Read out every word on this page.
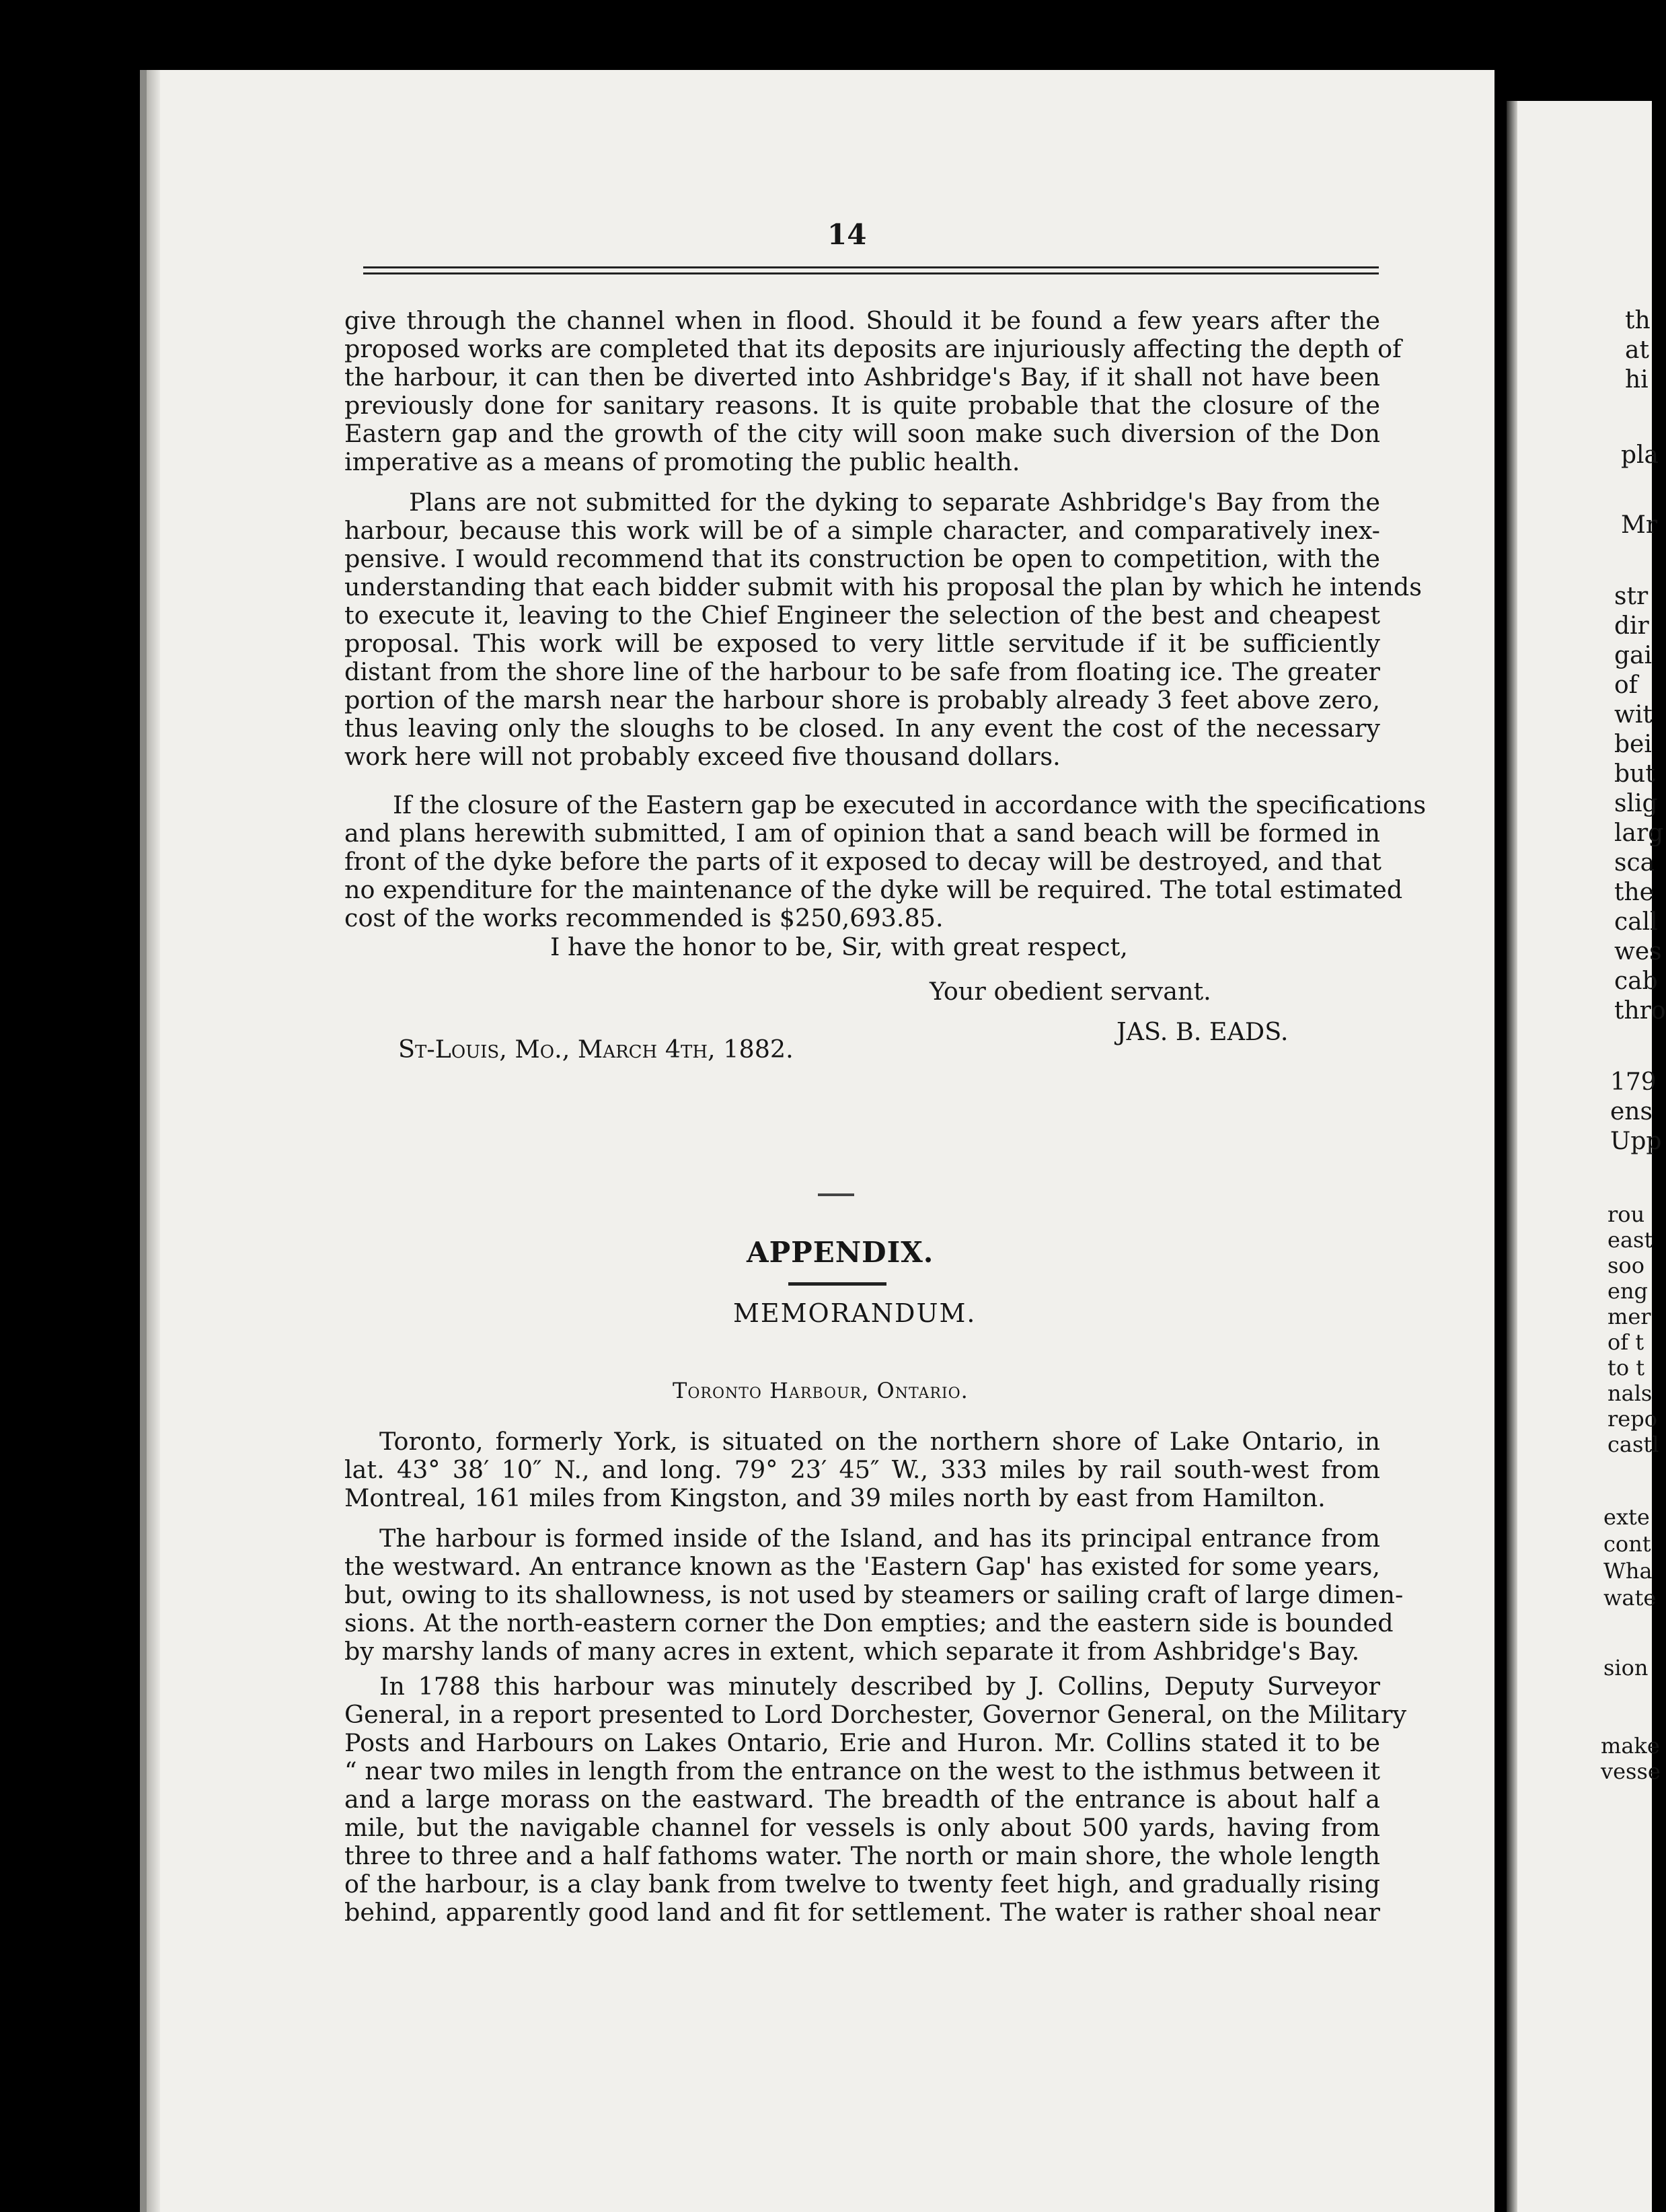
14
give through the channel when in flood. Should it be found a few years after the
proposed works are completed that its deposits are injuriously affecting the depth of
the harbour, it can then be diverted into Ashbridge's Bay, if it shall not have been
previously done for sanitary reasons. It is quite probable that the closure of the
Eastern gap and the growth of the city will soon make such diversion of the Don
imperative as a means of promoting the public health.
Plans are not submitted for the dyking to separate Ashbridge's Bay from the
harbour, because this work will be of a simple character, and comparatively inex-
pensive. I would recommend that its construction be open to competition, with the
understanding that each bidder submit with his proposal the plan by which he intends
to execute it, leaving to the Chief Engineer the selection of the best and cheapest
proposal. This work will be exposed to very little servitude if it be sufficiently
distant from the shore line of the harbour to be safe from floating ice. The greater
portion of the marsh near the harbour shore is probably already 3 feet above zero,
thus leaving only the sloughs to be closed. In any event the cost of the necessary
work here will not probably exceed five thousand dollars.
If the closure of the Eastern gap be executed in accordance with the specifications
and plans herewith submitted, I am of opinion that a sand beach will be formed in
front of the dyke before the parts of it exposed to decay will be destroyed, and that
no expenditure for the maintenance of the dyke will be required. The total estimated
cost of the works recommended is $250,693.85.
I have the honor to be, Sir, with great respect,
Your obedient servant.
JAS. B. EADS.
St-Louis, Mo., March 4th, 1882.
APPENDIX.
MEMORANDUM.
Toronto Harbour, Ontario.
Toronto, formerly York, is situated on the northern shore of Lake Ontario, in
lat. 43° 38′ 10″ N., and long. 79° 23′ 45″ W., 333 miles by rail south-west from
Montreal, 161 miles from Kingston, and 39 miles north by east from Hamilton.
The harbour is formed inside of the Island, and has its principal entrance from
the westward. An entrance known as the 'Eastern Gap' has existed for some years,
but, owing to its shallowness, is not used by steamers or sailing craft of large dimen-
sions. At the north-eastern corner the Don empties; and the eastern side is bounded
by marshy lands of many acres in extent, which separate it from Ashbridge's Bay.
In 1788 this harbour was minutely described by J. Collins, Deputy Surveyor
General, in a report presented to Lord Dorchester, Governor General, on the Military
Posts and Harbours on Lakes Ontario, Erie and Huron. Mr. Collins stated it to be
“ near two miles in length from the entrance on the west to the isthmus between it
and a large morass on the eastward. The breadth of the entrance is about half a
mile, but the navigable channel for vessels is only about 500 yards, having from
three to three and a half fathoms water. The north or main shore, the whole length
of the harbour, is a clay bank from twelve to twenty feet high, and gradually rising
behind, apparently good land and fit for settlement. The water is rather shoal near
th
at
hi
pla
Mr
str
dir
gai
of
wit
bei
but
slig
larg
sca
the
call
wes
cab
thro
179
ens
Upp
rou
east
soo
eng
mer
of t
to t
nals
repo
castl
exte
cont
Wha
wate
sion
make
vesse
